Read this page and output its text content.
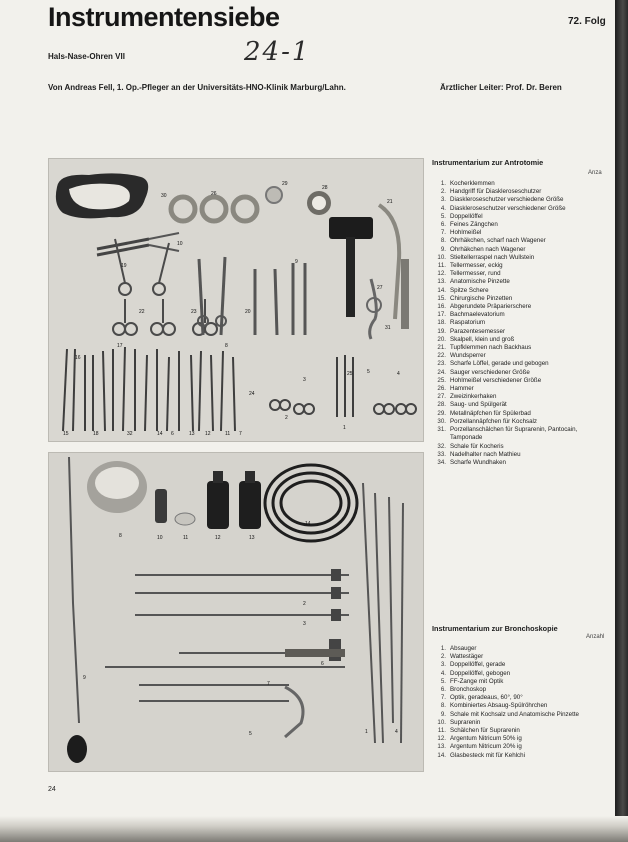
Instrumentensiebe	72. Folg
Hals-Nase-Ohren VII	24-1
Von Andreas Fell, 1. Op.-Pfleger an der Universitäts-HNO-Klinik Marburg/Lahn.	Ärztlicher Leiter: Prof. Dr. Beren
30
29
26
28
21
19
10
9
22	23
31
17	8
27
20
16
13 12	11
14
24
3
15	18
1
2
5
7
25	4
32	6
8	10	11	12	13
14
6
1
2
3
4
5
7
9
Instrumentarium zur Antrotomie
Anza
1. Kocherklemmen
2. Handgriff für Diaskleroseschutzer
3. Diaskleroseschutzer verschiedene Größe
4. Diaskleroseschutzer verschiedener Größe
5. Doppellöffel
6. Feines Zängchen
7. Hohlmeißel
8. Ohrhäkchen, scharf nach Wagener
9. Ohrhäkchen nach Wagener
10. Stieltellerraspel nach Wullstein
11. Tellermesser, eckig
12. Tellermesser, rund
13. Anatomische Pinzette
14. Spitze Schere
15. Chirurgische Pinzetten
16. Abgerundete Präparierschere
17. Bachmaelevatorium
18. Raspatorium
19. Parazentesemesser
20. Skalpell, klein und groß
21. Tupfklemmen nach Backhaus
22. Wundsperrer
23. Scharfe Löffel, gerade und gebogen
24. Sauger verschiedener Größe
25. Hohlmeißel verschiedener Größe
26. Hammer
27. Zweizinkerhaken
28. Saug- und Spülgerät
29. Metallnäpfchen für Spülerbad
30. Porzellannäpfchen für Kochsalz
31. Porzellanschälchen für Suprarenin, Pantocain, Tamponade
32. Schale für Kocheris
33. Nadelhalter nach Mathieu
34. Scharfe Wundhaken
Instrumentarium zur Bronchoskopie
Anzahl
1. Absauger
2. Wattestäger
3. Doppellöffel, gerade
4. Doppellöffel, gebogen
5. FF-Zange mit Optik
6. Bronchoskop
7. Optik, geradeaus, 60°, 90°
8. Kombiniertes Absaug-Spülröhrchen
9. Schale mit Kochsalz und Anatomische Pinzette
10. Suprarenin
11. Schälchen für Suprarenin
12. Argentum Nitricum 50% ig
13. Argentum Nitricum 20% ig
14. Glasbesteck mit für Kehlchi
24
